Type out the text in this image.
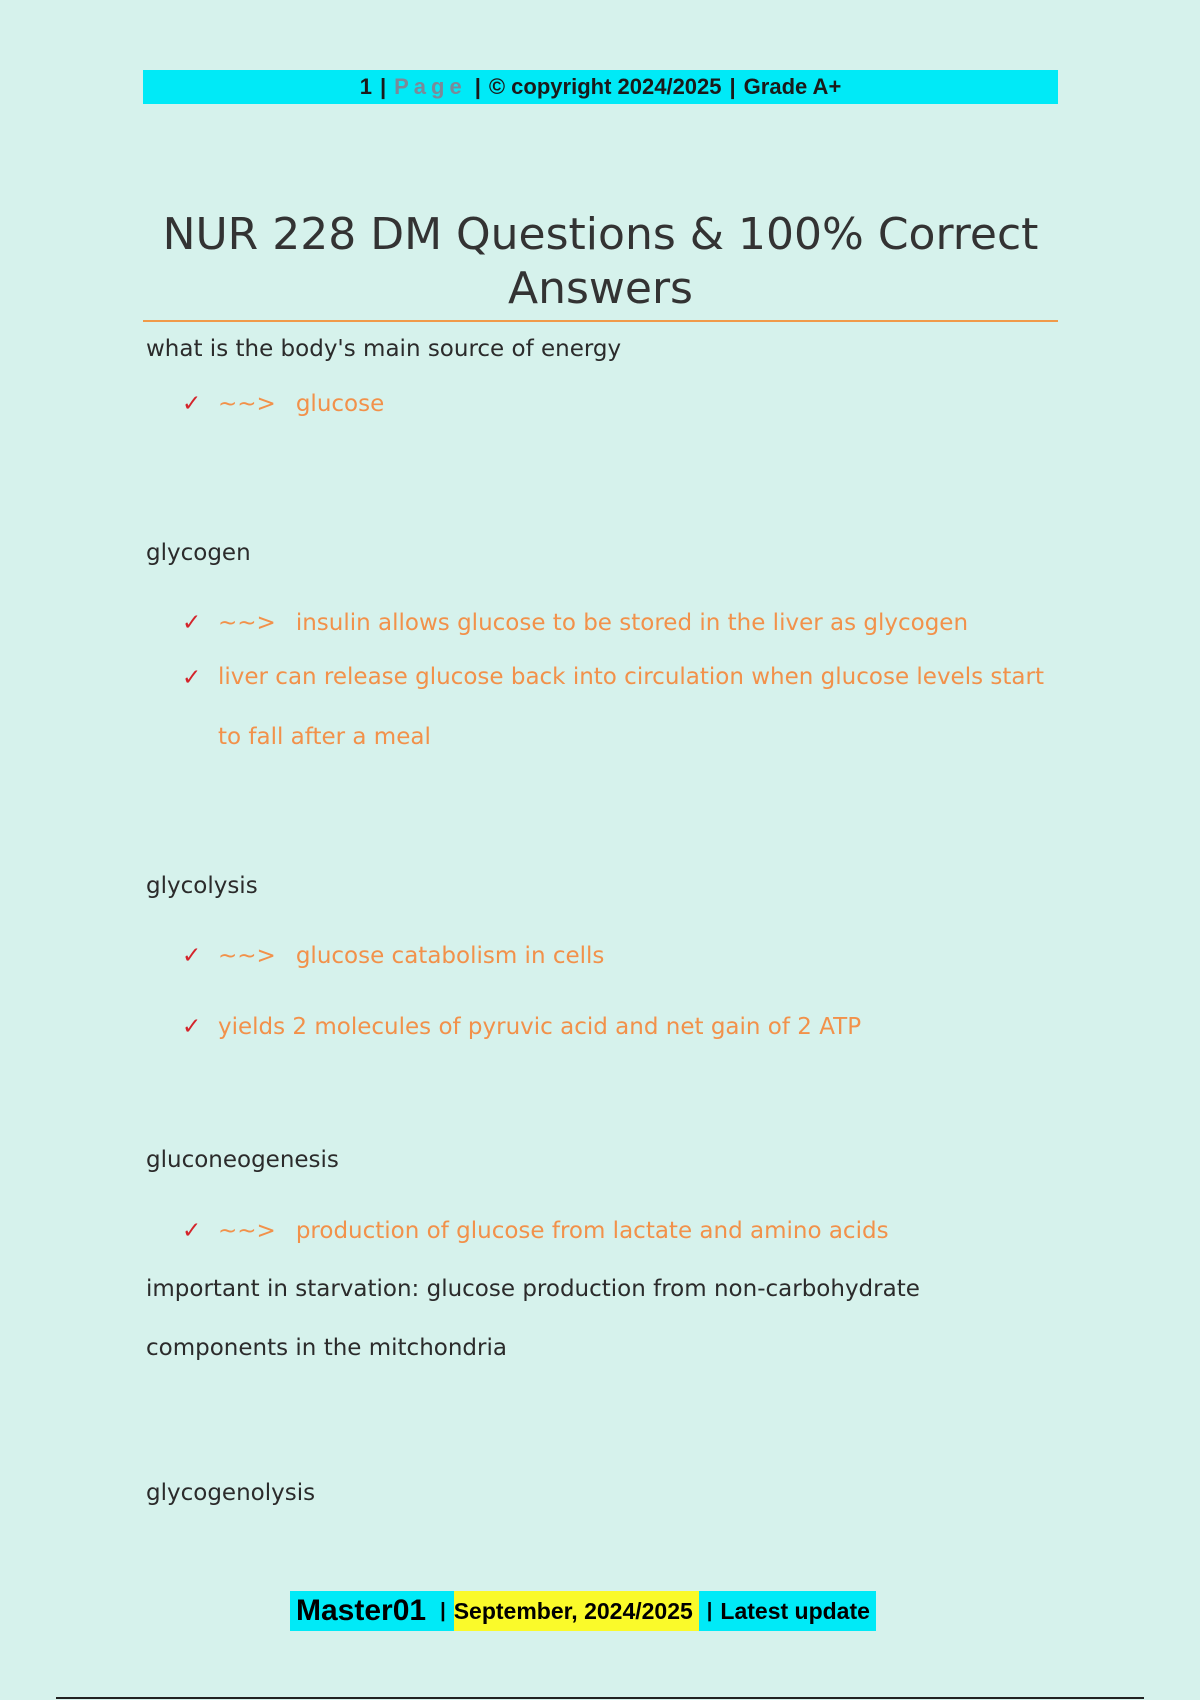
1 | Page | © copyright 2024/2025 | Grade A+
NUR 228 DM Questions & 100% Correct Answers
what is the body's main source of energy
✓ ~~> glucose
glycogen
✓ ~~> insulin allows glucose to be stored in the liver as glycogen
✓ liver can release glucose back into circulation when glucose levels start to fall after a meal
glycolysis
✓ ~~> glucose catabolism in cells
✓ yields 2 molecules of pyruvic acid and net gain of 2 ATP
gluconeogenesis
✓ ~~> production of glucose from lactate and amino acids
important in starvation: glucose production from non-carbohydrate components in the mitchondria
glycogenolysis
Master01 | September, 2024/2025 | Latest update
